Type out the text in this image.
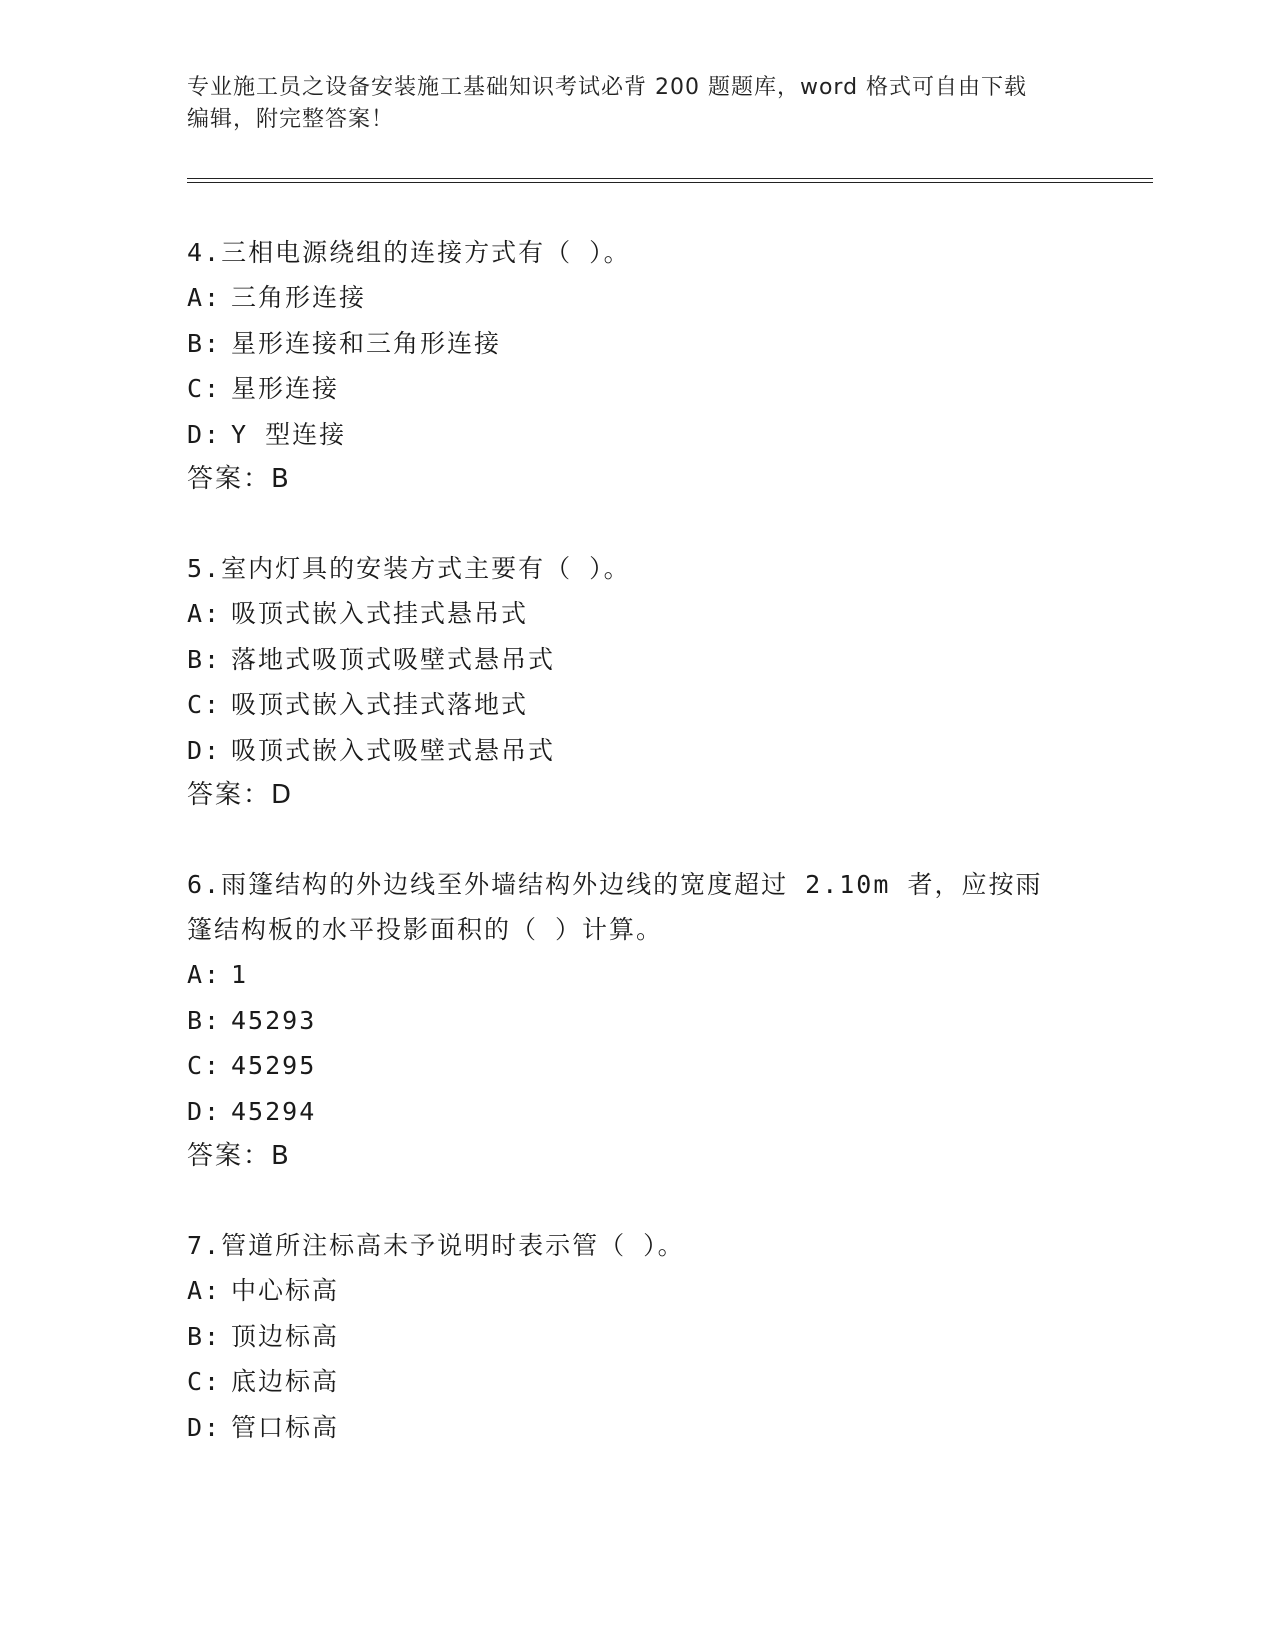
专业施工员之设备安装施工基础知识考试必背 200 题题库，word 格式可自由下载
编辑，附完整答案！
4.三相电源绕组的连接方式有（ ）。
A: 三角形连接
B: 星形连接和三角形连接
C: 星形连接
D: Y 型连接
答案：B
5.室内灯具的安装方式主要有（ ）。
A: 吸顶式嵌入式挂式悬吊式
B: 落地式吸顶式吸壁式悬吊式
C: 吸顶式嵌入式挂式落地式
D: 吸顶式嵌入式吸壁式悬吊式
答案：D
6.雨篷结构的外边线至外墙结构外边线的宽度超过 2.10m 者，应按雨
篷结构板的水平投影面积的（ ）计算。
A: 1
B: 45293
C: 45295
D: 45294
答案：B
7.管道所注标高未予说明时表示管（ ）。
A: 中心标高
B: 顶边标高
C: 底边标高
D: 管口标高
